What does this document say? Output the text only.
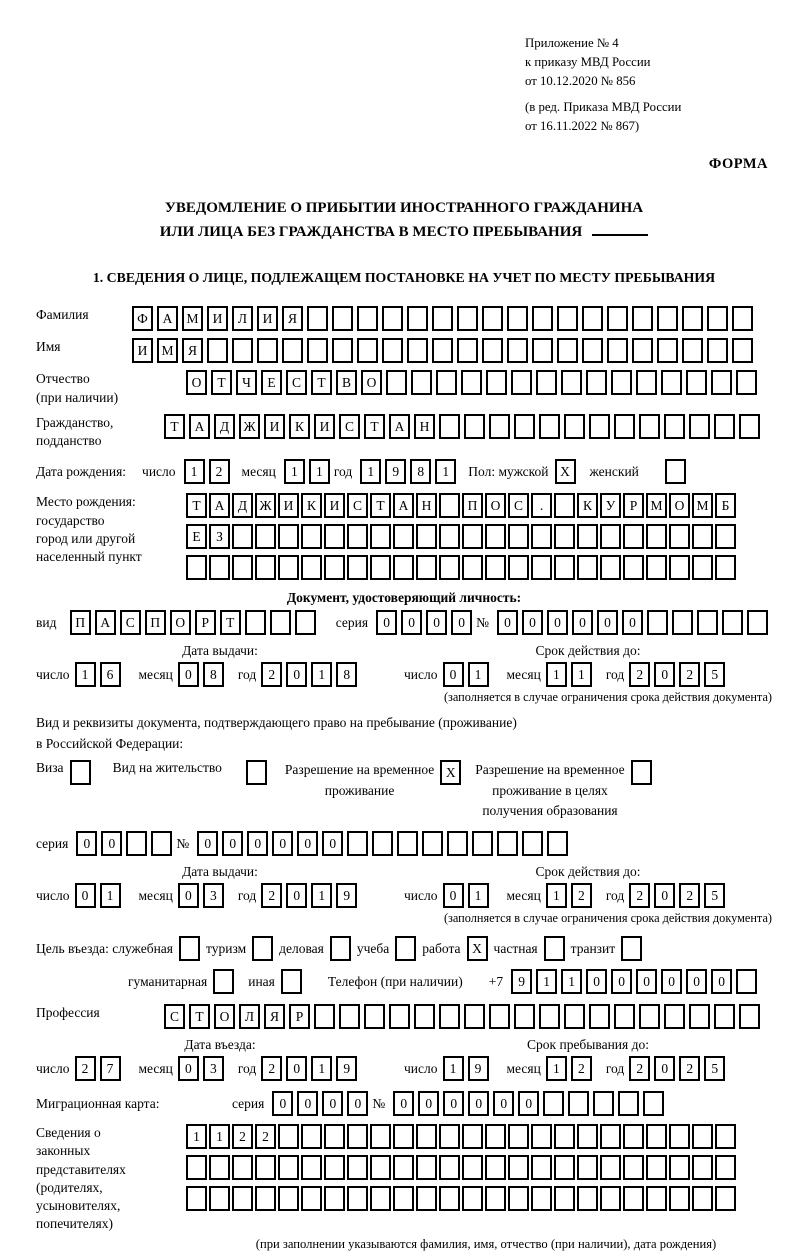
Приложение № 4
к приказу МВД России
от 10.12.2020 № 856
(в ред. Приказа МВД России
от 16.11.2022 № 867)
ФОРМА
УВЕДОМЛЕНИЕ О ПРИБЫТИИ ИНОСТРАННОГО ГРАЖДАНИНА
ИЛИ ЛИЦА БЕЗ ГРАЖДАНСТВА В МЕСТО ПРЕБЫВАНИЯ
1. СВЕДЕНИЯ О ЛИЦЕ, ПОДЛЕЖАЩЕМ ПОСТАНОВКЕ НА УЧЕТ ПО МЕСТУ ПРЕБЫВАНИЯ
Фамилия	Ф А М И Л И Я
Имя	И М Я
Отчество
(при наличии)
О Т Ч Е С Т В О
Гражданство,
подданство
Т А Д Ж И К И С Т А Н
Дата рождения: число	1 2	месяц	1 1 год	1 9 8 1	Пол: мужской X	женский
Место рождения:
государство
город или другой
населенный пункт
Т А Д Ж И К И С Т А Н	П О С .	К У Р М О М Б
Е З
Документ, удостоверяющий личность:
вид	П А С П О Р Т	серия	0 0 0 0 №	0 0 0 0 0 0
Дата выдачи:	Срок действия до:
число 1 6	месяц 0 8	год 2 0 1 8	число 0 1	месяц 1 1	год 2 0 2 5
(заполняется в случае ограничения срока действия документа)
Вид и реквизиты документа, подтверждающего право на пребывание (проживание)
в Российской Федерации:
Виза	Вид на жительство	Разрешение на временное
проживание
X	Разрешение на временное
проживание в целях
получения образования
серия	0 0	№	0 0 0 0 0 0
Дата выдачи:	Срок действия до:
число 0 1	месяц 0 3	год 2 0 1 9	число 0 1	месяц 1 2	год 2 0 2 5
(заполняется в случае ограничения срока действия документа)
Цель въезда: служебная туризм деловая учеба работа X частная транзит
гуманитарная	иная	Телефон (при наличии) +7	9 1 1 0 0 0 0 0 0
Профессия	С Т О Л Я Р
Дата въезда:	Срок пребывания до:
число 2 7	месяц 0 3	год 2 0 1 9	число 1 9	месяц 1 2	год 2 0 2 5
Миграционная карта:	серия	0 0 0 0 №	0 0 0 0 0 0
Сведения о
законных
представителях
(родителях,
усыновителях,
попечителях)
1 1 2 2
(при заполнении указываются фамилия, имя, отчество (при наличии), дата рождения)
